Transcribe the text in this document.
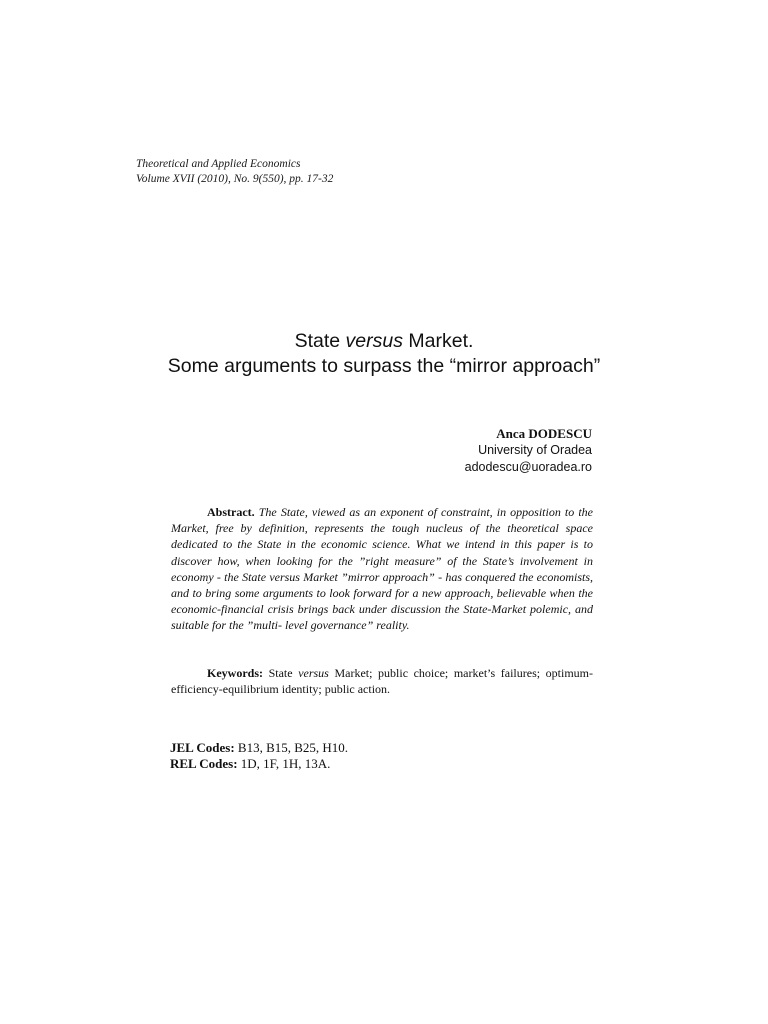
Theoretical and Applied Economics
Volume XVII (2010), No. 9(550), pp. 17-32
State versus Market.
Some arguments to surpass the “mirror approach”
Anca DODESCU
University of Oradea
adodescu@uoradea.ro
Abstract. The State, viewed as an exponent of constraint, in opposition to the Market, free by definition, represents the tough nucleus of the theoretical space dedicated to the State in the economic science. What we intend in this paper is to discover how, when looking for the ”right measure” of the State’s involvement in economy - the State versus Market ”mirror approach” - has conquered the economists, and to bring some arguments to look forward for a new approach, believable when the economic-financial crisis brings back under discussion the State-Market polemic, and suitable for the ”multi- level governance” reality.
Keywords: State versus Market; public choice; market’s failures; optimum-efficiency-equilibrium identity; public action.
JEL Codes: B13, B15, B25, H10.
REL Codes: 1D, 1F, 1H, 13A.
